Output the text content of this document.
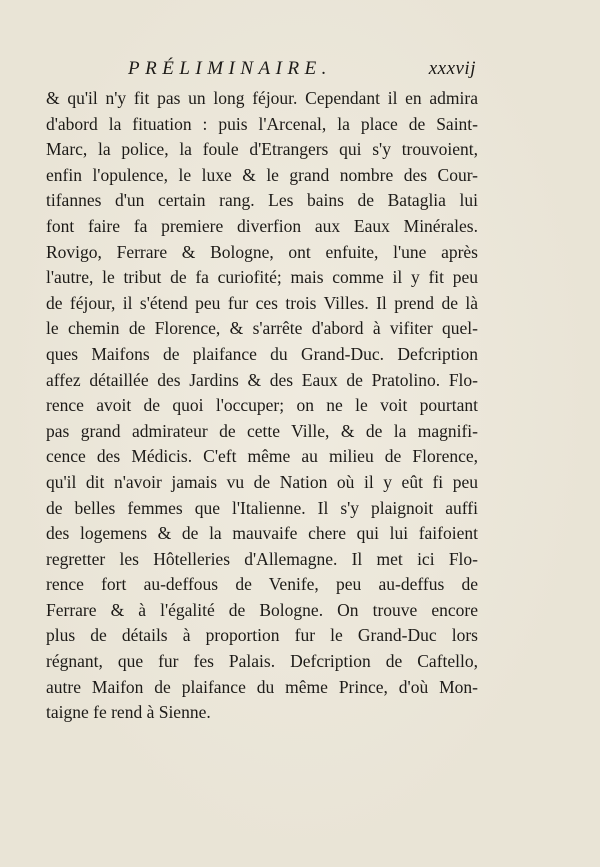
PRÉLIMINAIRE.	xxxvij
& qu'il n'y fit pas un long féjour. Cependant il en admira
d'abord la fituation : puis l'Arcenal, la place de Saint-
Marc, la police, la foule d'Etrangers qui s'y trouvoient,
enfin l'opulence, le luxe & le grand nombre des Cour-
tifannes d'un certain rang. Les bains de Bataglia lui
font faire fa premiere diverfion aux Eaux Minérales.
Rovigo, Ferrare & Bologne, ont enfuite, l'une après
l'autre, le tribut de fa curiofité; mais comme il y fit peu
de féjour, il s'étend peu fur ces trois Villes. Il prend de là
le chemin de Florence, & s'arrête d'abord à vifiter quel-
ques Maifons de plaifance du Grand-Duc. Defcription
affez détaillée des Jardins & des Eaux de Pratolino. Flo-
rence avoit de quoi l'occuper; on ne le voit pourtant
pas grand admirateur de cette Ville, & de la magnifi-
cence des Médicis. C'eft même au milieu de Florence,
qu'il dit n'avoir jamais vu de Nation où il y eût fi peu
de belles femmes que l'Italienne. Il s'y plaignoit auffi
des logemens & de la mauvaife chere qui lui faifoient
regretter les Hôtelleries d'Allemagne. Il met ici Flo-
rence fort au-deffous de Venife, peu au-deffus de
Ferrare & à l'égalité de Bologne. On trouve encore
plus de détails à proportion fur le Grand-Duc lors
régnant, que fur fes Palais. Defcription de Caftello,
autre Maifon de plaifance du même Prince, d'où Mon-
taigne fe rend à Sienne.
